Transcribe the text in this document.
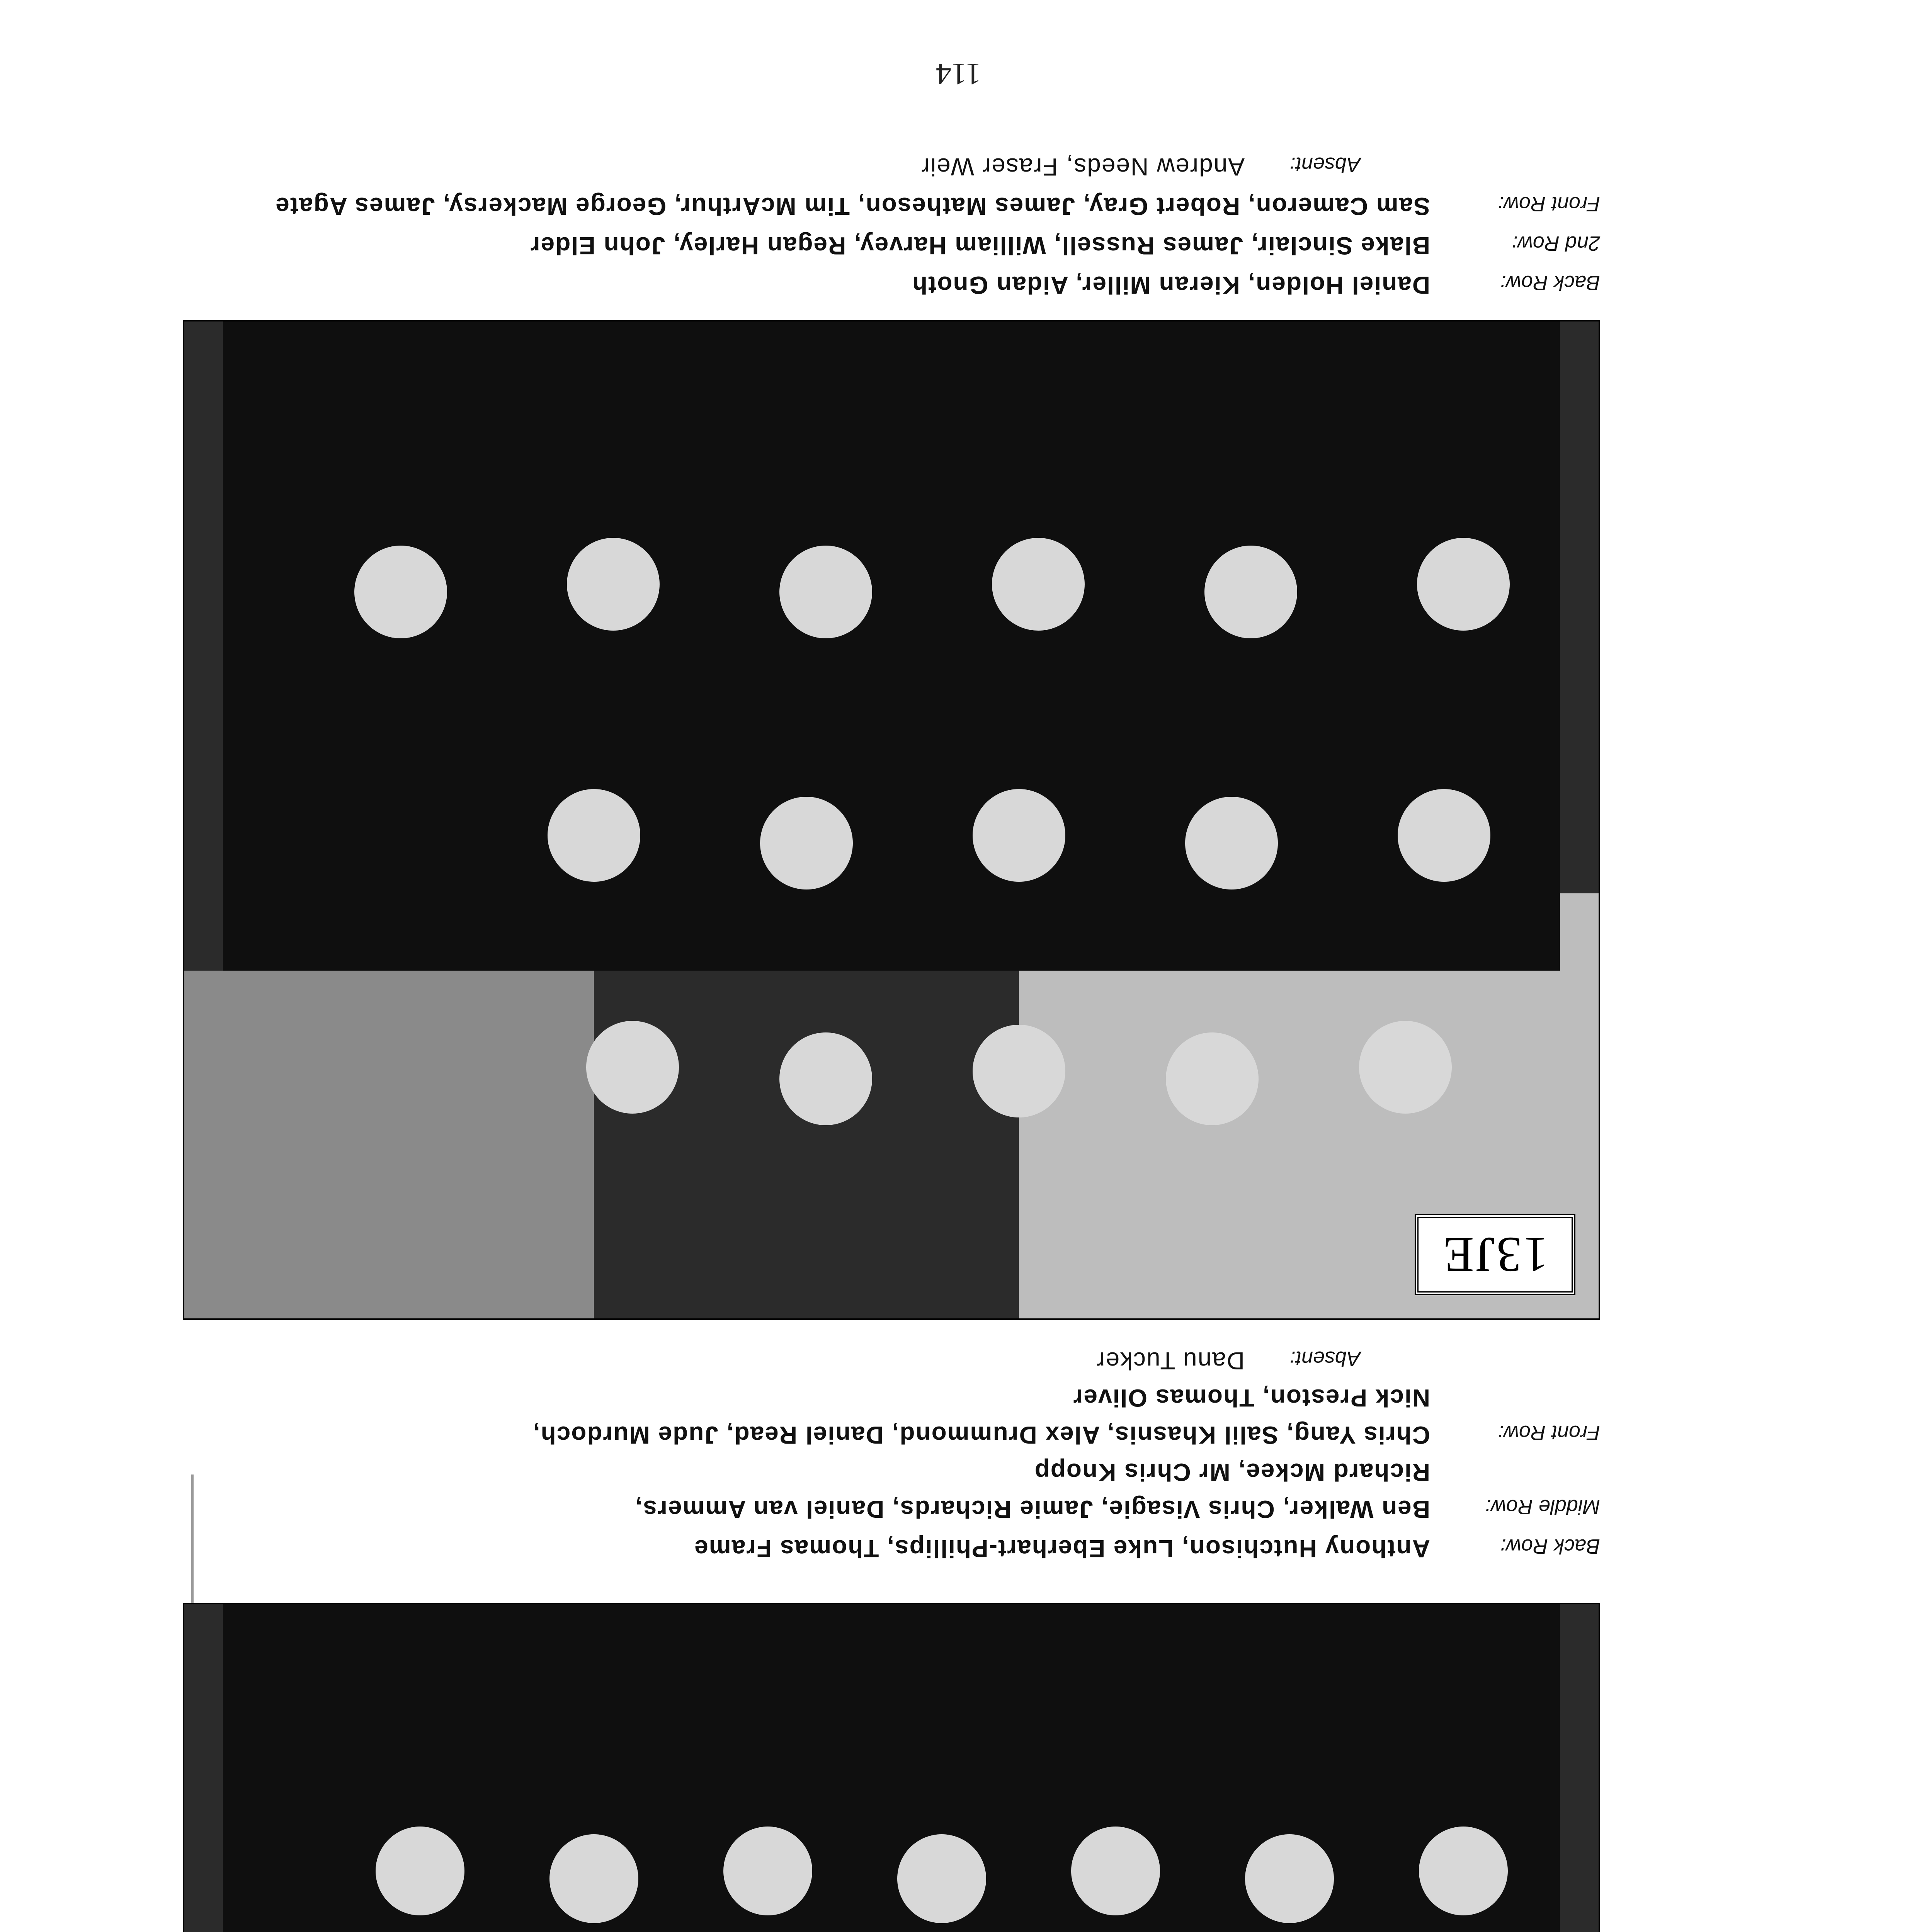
13JE
Back Row:
Daniel Holden, Kieran Miller, Aidan Gnoth
2nd Row:
Blake Sinclair, James Russell, William Harvey, Regan Harley, John Elder
Front Row:
Sam Cameron, Robert Gray, James Matheson, Tim McArthur, George Mackersy, James Agate
Absent:
Andrew Needs, Fraser Weir
Back Row:
Anthony Hutchison, Luke Eberhart-Phillips, Thomas Frame
Middle Row:
Ben Walker, Chris Visagie, Jamie Richards, Daniel van Ammers,
Richard Mckee, Mr Chris Knopp
Front Row:
Chris Yang, Salil Khasnis, Alex Drummond, Daniel Read, Jude Murdoch,
Nick Preston, Thomas Oliver
Absent:
Danu Tucker
114
